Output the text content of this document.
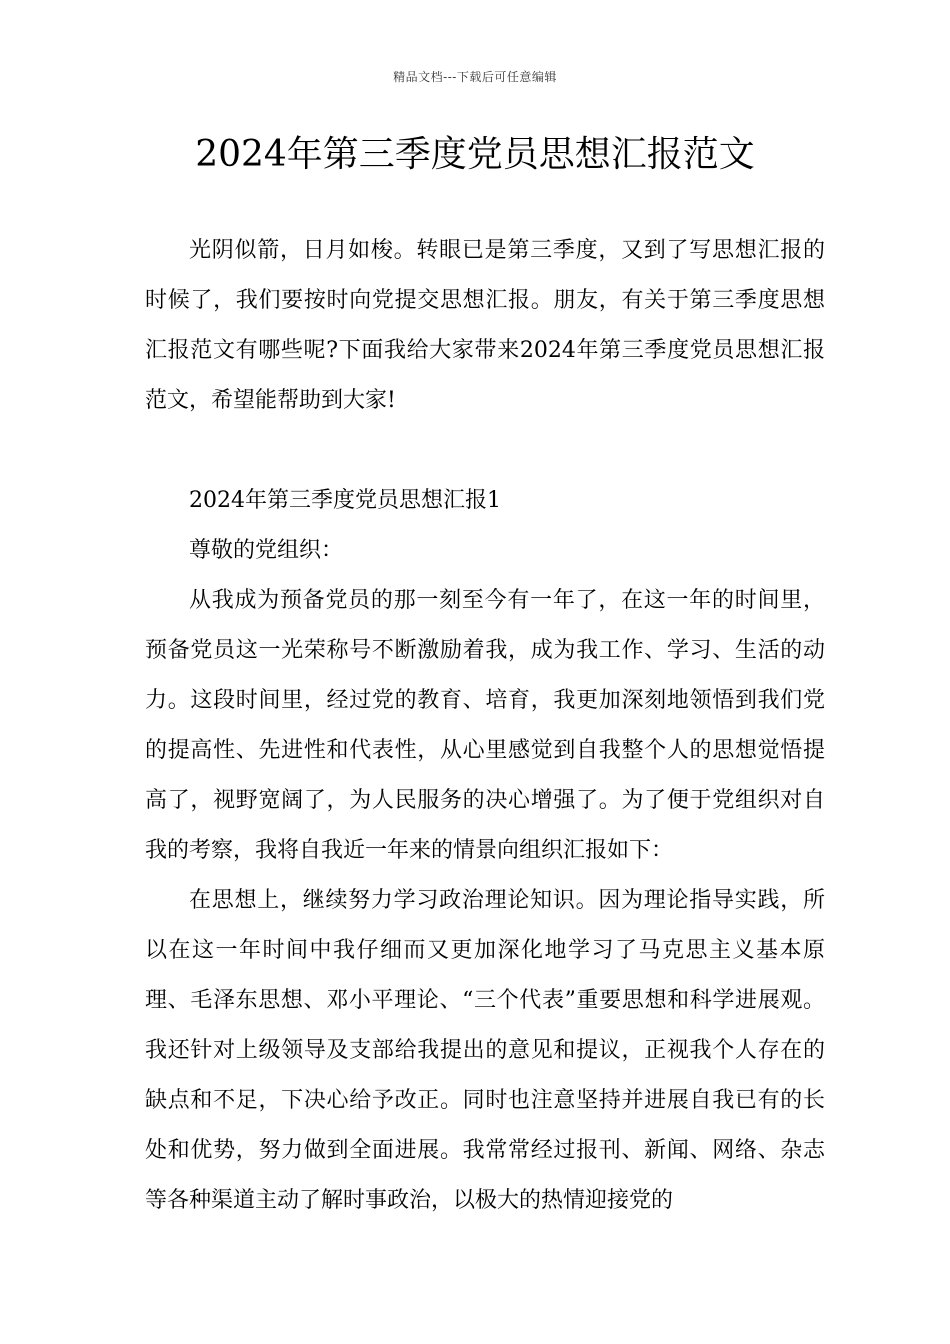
精品文档---下载后可任意编辑
2024年第三季度党员思想汇报范文

光阴似箭，日月如梭。转眼已是第三季度，又到了写思想汇报的时候了，我们要按时向党提交思想汇报。朋友，有关于第三季度思想汇报范文有哪些呢?下面我给大家带来2024年第三季度党员思想汇报范文，希望能帮助到大家!

2024年第三季度党员思想汇报1

尊敬的党组织：

从我成为预备党员的那一刻至今有一年了，在这一年的时间里，预备党员这一光荣称号不断激励着我，成为我工作、学习、生活的动力。这段时间里，经过党的教育、培育，我更加深刻地领悟到我们党的提高性、先进性和代表性，从心里感觉到自我整个人的思想觉悟提高了，视野宽阔了，为人民服务的决心增强了。为了便于党组织对自我的考察，我将自我近一年来的情景向组织汇报如下：

在思想上，继续努力学习政治理论知识。因为理论指导实践，所以在这一年时间中我仔细而又更加深化地学习了马克思主义基本原理、毛泽东思想、邓小平理论、“三个代表”重要思想和科学进展观。我还针对上级领导及支部给我提出的意见和提议，正视我个人存在的缺点和不足，下决心给予改正。同时也注意坚持并进展自我已有的长处和优势，努力做到全面进展。我常常经过报刊、新闻、网络、杂志等各种渠道主动了解时事政治，以极大的热情迎接党的
